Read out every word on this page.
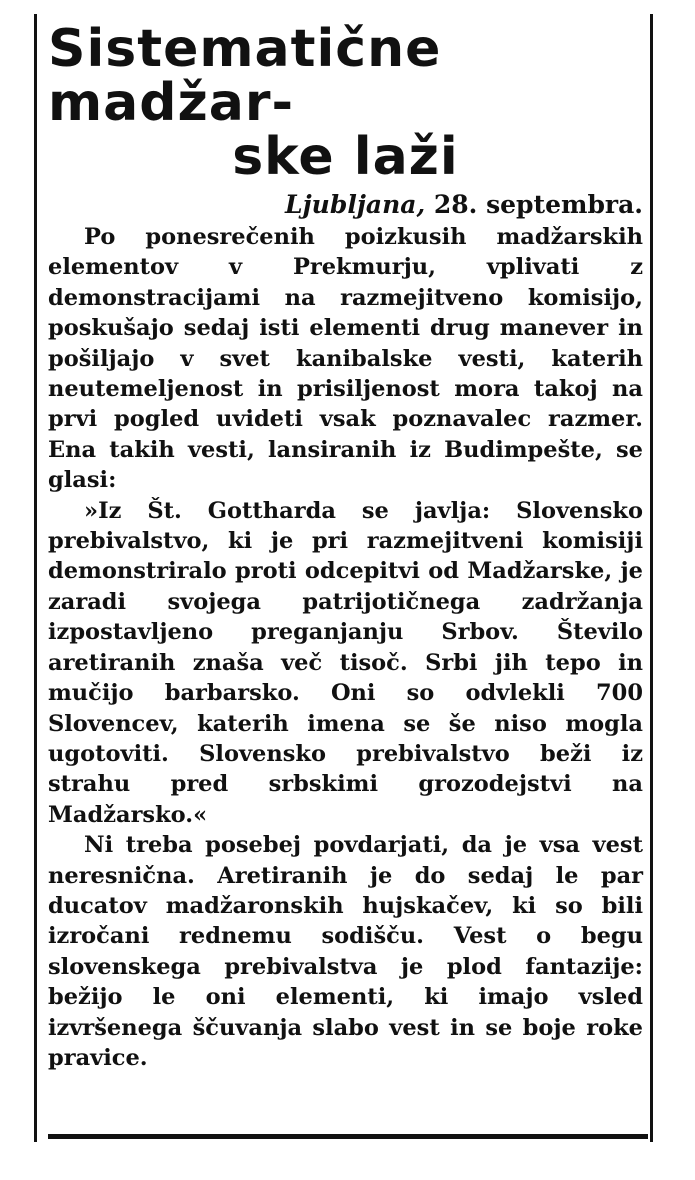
Sistematične madžar-
ske laži
Ljubljana, 28. septembra.

Po ponesrečenih poizkusih madžarskih elementov v Prekmurju, vplivati z demonstracijami na razmejitveno komisijo, poskušajo sedaj isti elementi drug manever in pošiljajo v svet kanibalske vesti, katerih neutemeljenost in prisiljenost mora takoj na prvi pogled uvideti vsak poznavalec razmer. Ena takih vesti, lansiranih iz Budimpešte, se glasi:

»Iz Št. Gottharda se javlja: Slovensko prebivalstvo, ki je pri razmejitveni komisiji demonstriralo proti odcepitvi od Madžarske, je zaradi svojega patrijotičnega zadržanja izpostavljeno preganjanju Srbov. Število aretiranih znaša več tisoč. Srbi jih tepo in mučijo barbarsko. Oni so odvlekli 700 Slovencev, katerih imena se še niso mogla ugotoviti. Slovensko prebivalstvo beži iz strahu pred srbskimi grozodejstvi na Madžarsko.«

Ni treba posebej povdarjati, da je vsa vest neresnična. Aretiranih je do sedaj le par ducatov madžaronskih hujskačev, ki so bili izročani rednemu sodišču. Vest o begu slovenskega prebivalstva je plod fantazije: bežijo le oni elementi, ki imajo vsled izvršenega ščuvanja slabo vest in se boje roke pravice.
